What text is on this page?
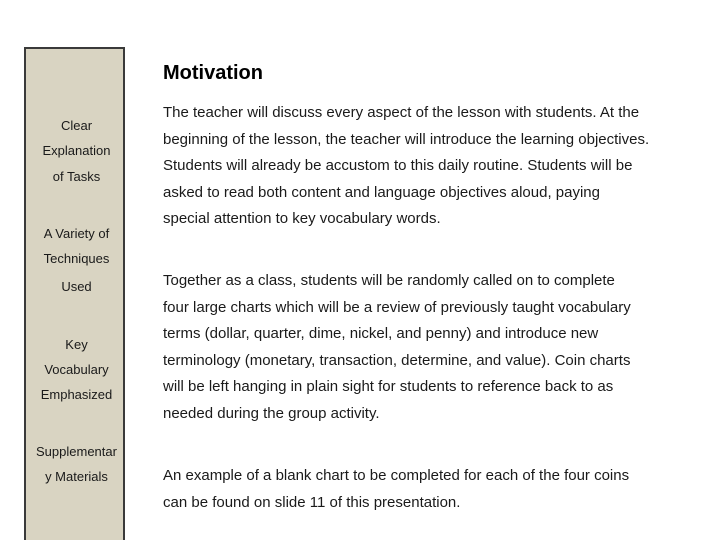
Clear
Explanation
of Tasks
A Variety of
Techniques
Used
Key
Vocabulary
Emphasized
Supplementar
y Materials
Motivation
The teacher will discuss every aspect of the lesson with students. At the
beginning of the lesson, the teacher will introduce the learning objectives.
Students will already be accustom to this daily routine. Students will be
asked to read both content and language objectives aloud, paying
special attention to key vocabulary words.
Together as a class, students will be randomly called on to complete
four large charts which will be a review of previously taught vocabulary
terms (dollar, quarter, dime, nickel, and penny) and introduce new
terminology (monetary, transaction, determine, and value). Coin charts
will be left hanging in plain sight for students to reference back to as
needed during the group activity.
An example of a blank chart to be completed for each of the four coins
can be found on slide 11 of this presentation.
